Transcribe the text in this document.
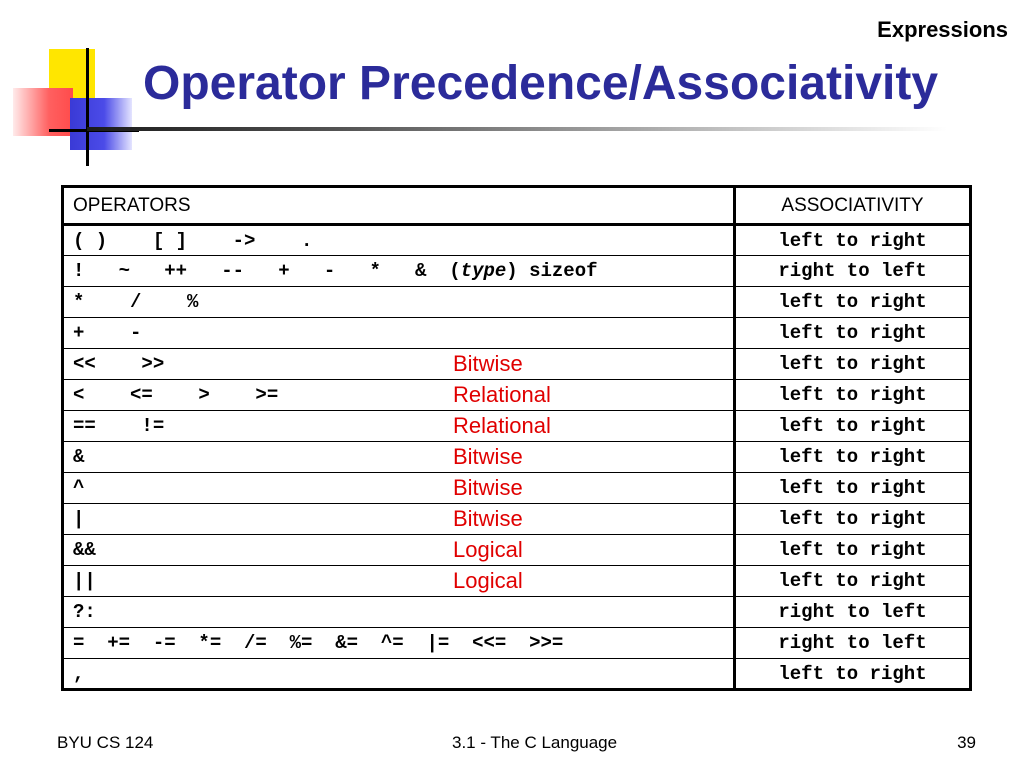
Expressions
Operator Precedence/Associativity
OPERATORS	ASSOCIATIVITY
( )    [ ]    ->    .	left to right
!   ~   ++   --   +   -   *   &  (type) sizeof	right to left
*    /    %	left to right
+    -	left to right
<<    >> Bitwise	left to right
<    <=    >    >= Relational	left to right
==    != Relational	left to right
& Bitwise	left to right
^ Bitwise	left to right
| Bitwise	left to right
&& Logical	left to right
|| Logical	left to right
?:	right to left
=  +=  -=  *=  /=  %=  &=  ^=  |=  <<=  >>=	right to left
,	left to right
BYU CS 124	3.1 - The C Language	39
